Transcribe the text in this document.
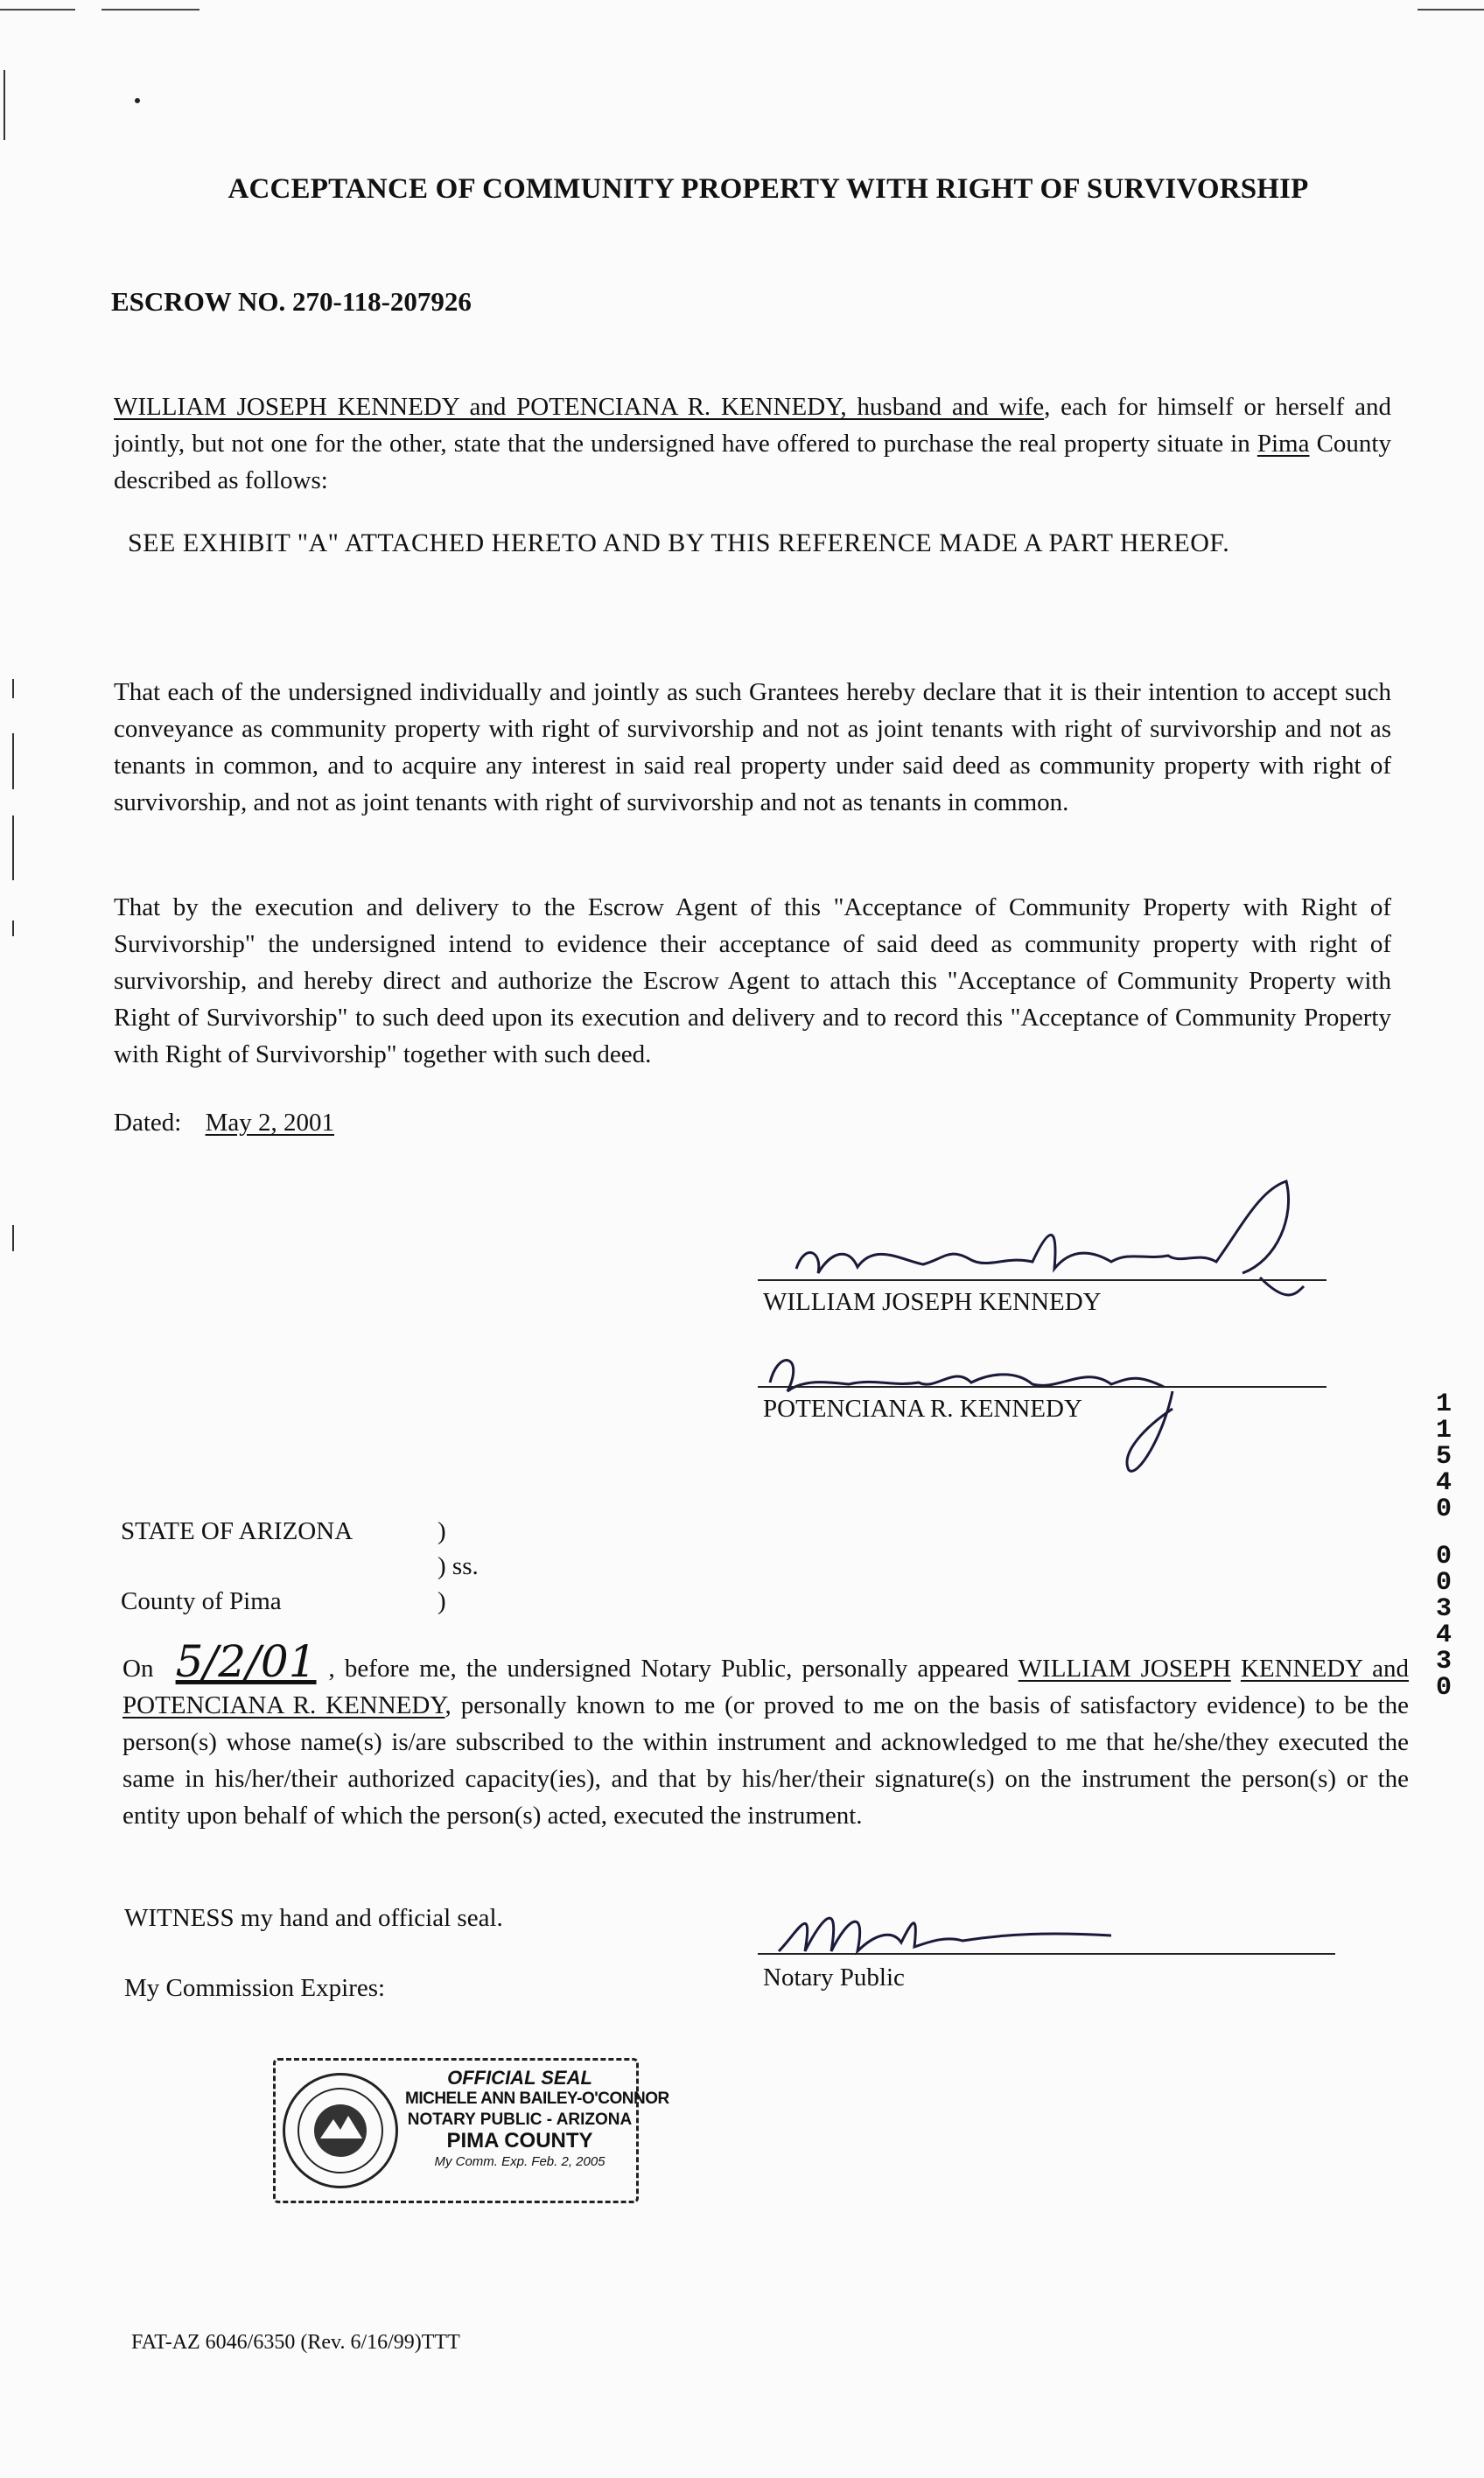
ACCEPTANCE OF COMMUNITY PROPERTY WITH RIGHT OF SURVIVORSHIP
ESCROW NO. 270-118-207926
WILLIAM JOSEPH KENNEDY and POTENCIANA R. KENNEDY, husband and wife, each for himself or herself and jointly, but not one for the other, state that the undersigned have offered to purchase the real property situate in Pima County described as follows:
SEE EXHIBIT "A" ATTACHED HERETO AND BY THIS REFERENCE MADE A PART HEREOF.
That each of the undersigned individually and jointly as such Grantees hereby declare that it is their intention to accept such conveyance as community property with right of survivorship and not as joint tenants with right of survivorship and not as tenants in common, and to acquire any interest in said real property under said deed as community property with right of survivorship, and not as joint tenants with right of survivorship and not as tenants in common.
That by the execution and delivery to the Escrow Agent of this "Acceptance of Community Property with Right of Survivorship" the undersigned intend to evidence their acceptance of said deed as community property with right of survivorship, and hereby direct and authorize the Escrow Agent to attach this "Acceptance of Community Property with Right of Survivorship" to such deed upon its execution and delivery and to record this "Acceptance of Community Property with Right of Survivorship" together with such deed.
Dated: May 2, 2001
WILLIAM JOSEPH KENNEDY
POTENCIANA R. KENNEDY
STATE OF ARIZONA	)
) ss.
County of Pima	)
On 5/2/01 , before me, the undersigned Notary Public, personally appeared WILLIAM JOSEPH KENNEDY and POTENCIANA R. KENNEDY, personally known to me (or proved to me on the basis of satisfactory evidence) to be the person(s) whose name(s) is/are subscribed to the within instrument and acknowledged to me that he/she/they executed the same in his/her/their authorized capacity(ies), and that by his/her/their signature(s) on the instrument the person(s) or the entity upon behalf of which the person(s) acted, executed the instrument.
WITNESS my hand and official seal.
My Commission Expires:	Notary Public
OFFICIAL SEAL
MICHELE ANN BAILEY-O'CONNOR
NOTARY PUBLIC - ARIZONA
PIMA COUNTY
My Comm. Exp. Feb. 2, 2005
1
1
5
4
0
0
0
3
4
3
0
FAT-AZ 6046/6350 (Rev. 6/16/99)TTT
